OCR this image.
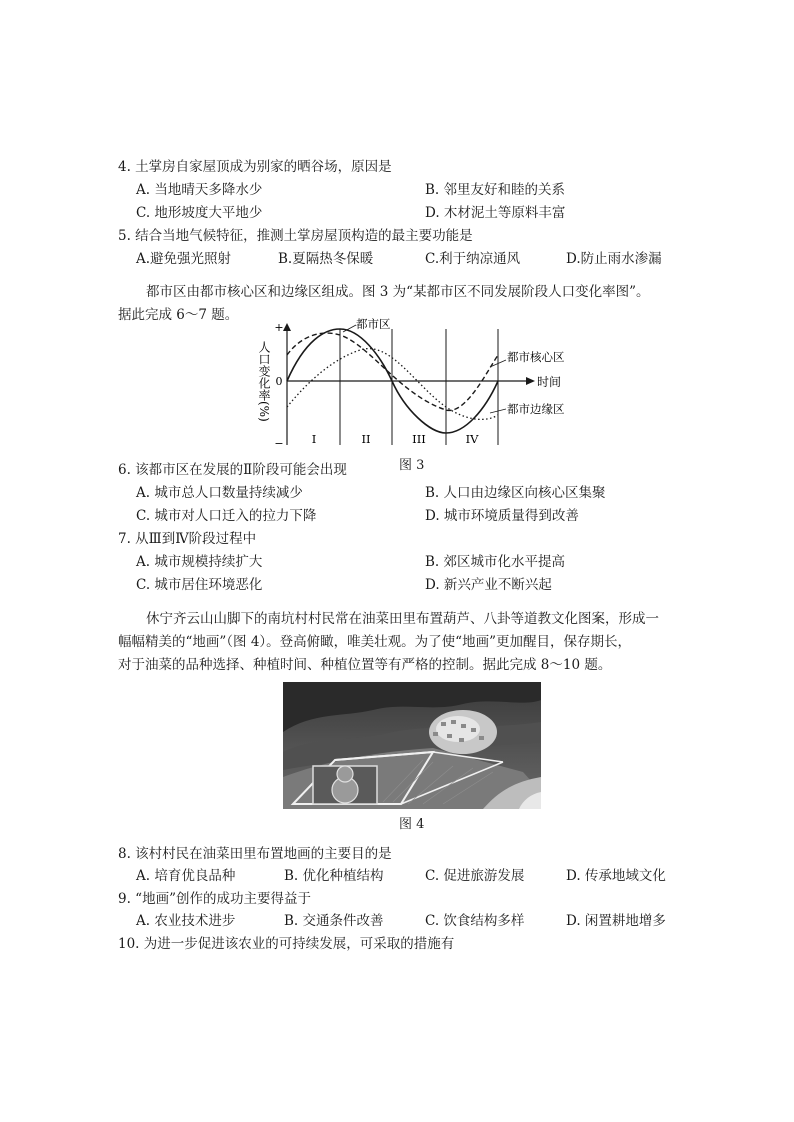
4. 土掌房自家屋顶成为别家的晒谷场，原因是
A. 当地晴天多降水少	B. 邻里友好和睦的关系
C. 地形坡度大平地少	D. 木材泥土等原料丰富
5. 结合当地气候特征，推测土掌房屋顶构造的最主要功能是
A.避免强光照射	B.夏隔热冬保暖	C.利于纳凉通风	D.防止雨水渗漏
都市区由都市核心区和边缘区组成。图 3 为“某都市区不同发展阶段人口变化率图”。
据此完成 6～7 题。
+
0
−
时间
人口变化率(%)
都市区
都市核心区
都市边缘区
I	II	III	IV
6. 该都市区在发展的Ⅱ阶段可能会出现	图 3
A. 城市总人口数量持续减少	B. 人口由边缘区向核心区集聚
C. 城市对人口迁入的拉力下降	D. 城市环境质量得到改善
7. 从Ⅲ到Ⅳ阶段过程中
A. 城市规模持续扩大	B. 郊区城市化水平提高
C. 城市居住环境恶化	D. 新兴产业不断兴起
休宁齐云山山脚下的南坑村村民常在油菜田里布置葫芦、八卦等道教文化图案，形成一
幅幅精美的“地画”（图 4）。登高俯瞰，唯美壮观。为了使“地画”更加醒目，保存期长，
对于油菜的品种选择、种植时间、种植位置等有严格的控制。据此完成 8～10 题。
图 4
8. 该村村民在油菜田里布置地画的主要目的是
A. 培育优良品种	B. 优化种植结构	C. 促进旅游发展	D. 传承地域文化
9. “地画”创作的成功主要得益于
A. 农业技术进步	B. 交通条件改善	C. 饮食结构多样	D. 闲置耕地增多
10. 为进一步促进该农业的可持续发展，可采取的措施有
